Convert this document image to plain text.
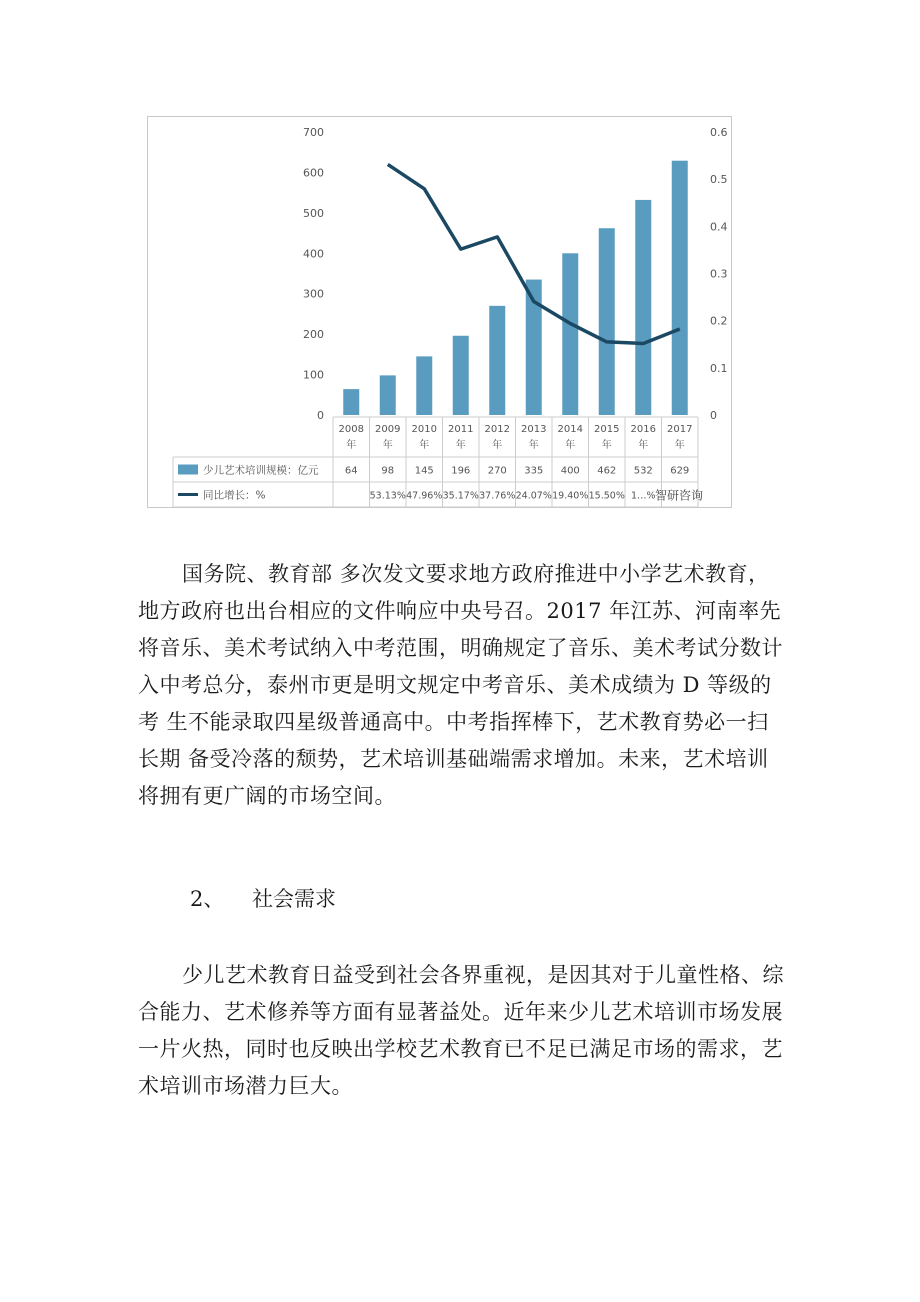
0
100
200
300
400
500
600
700
0
0.1
0.2
0.3
0.4
0.5
0.6
2008
年
2009
年
2010
年
2011
年
2012
年
2013
年
2014
年
2015
年
2016
年
2017
年
少儿艺术培训规模：亿元
同比增长：%
64 98 145 196 270 335 400 462 532 629
53.13% 47.96% 35.17% 37.76% 24.07% 19.40% 15.50% 1…% 智研咨询

国务院、教育部 多次发文要求地方政府推进中小学艺术教育，地方政府也出台相应的文件响应中央号召。2017 年江苏、河南率先将音乐、美术考试纳入中考范围，明确规定了音乐、美术考试分数计 入中考总分，泰州市更是明文规定中考音乐、美术成绩为 D 等级的考 生不能录取四星级普通高中。中考指挥棒下，艺术教育势必一扫长期 备受冷落的颓势，艺术培训基础端需求增加。未来，艺术培训将拥有更广阔的市场空间。

2、 社会需求

少儿艺术教育日益受到社会各界重视，是因其对于儿童性格、综合能力、艺术修养等方面有显著益处。近年来少儿艺术培训市场发展一片火热，同时也反映出学校艺术教育已不足已满足市场的需求，艺术培训市场潜力巨大。
